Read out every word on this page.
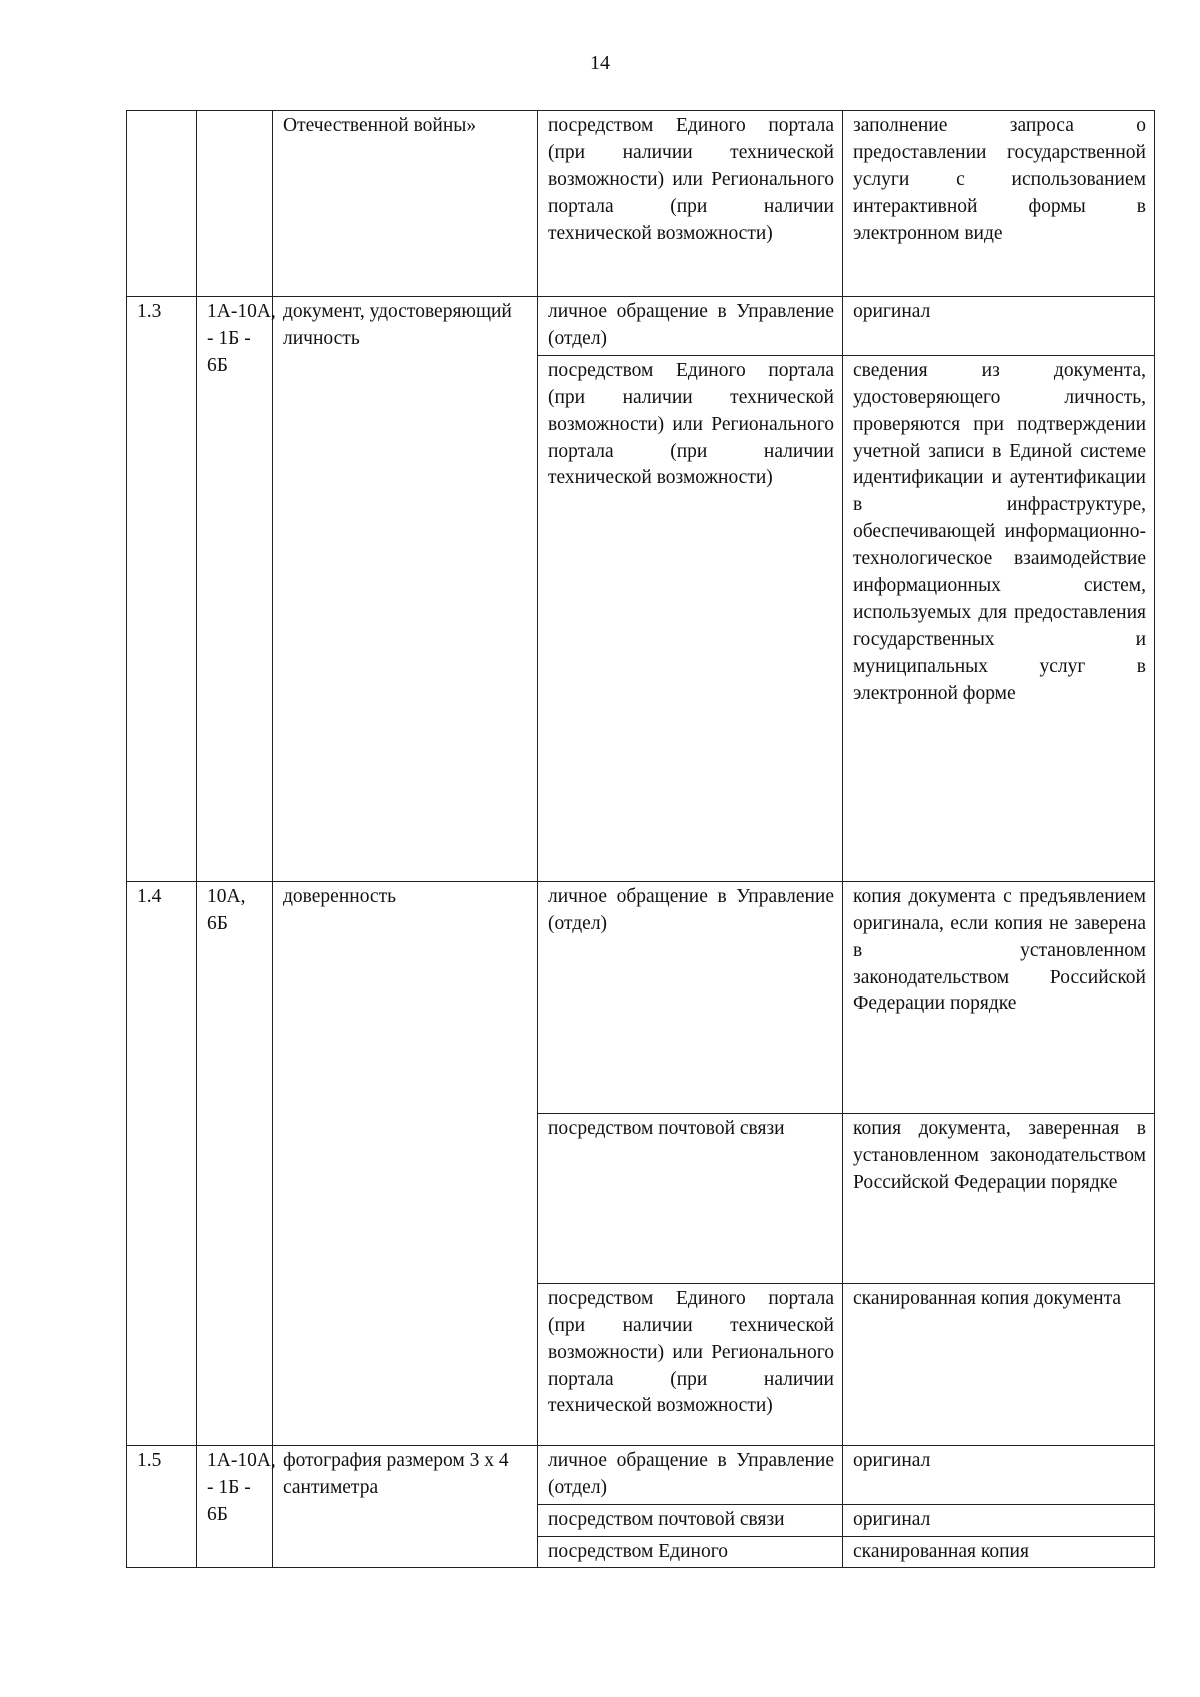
14
		Отечественной войны»	посредством Единого портала (при наличии технической возможности) или Регионального портала (при наличии технической возможности)	заполнение запроса о предоставлении государственной услуги с использованием интерактивной формы в электронном виде
1.3	1А-10А, - 1Б - 6Б	документ, удостоверяющий личность	личное обращение в Управление (отдел)	оригинал
			посредством Единого портала (при наличии технической возможности) или Регионального портала (при наличии технической возможности)	сведения из документа, удостоверяющего личность, проверяются при подтверждении учетной записи в Единой системе идентификации и аутентификации в инфраструктуре, обеспечивающей информационно-технологическое взаимодействие информационных систем, используемых для предоставления государственных и муниципальных услуг в электронной форме
1.4	10А, 6Б	доверенность	личное обращение в Управление (отдел)	копия документа с предъявлением оригинала, если копия не заверена в установленном законодательством Российской Федерации порядке
			посредством почтовой связи	копия документа, заверенная в установленном законодательством Российской Федерации порядке
			посредством Единого портала (при наличии технической возможности) или Регионального портала (при наличии технической возможности)	сканированная копия документа
1.5	1А-10А, - 1Б - 6Б	фотография размером 3 х 4 сантиметра	личное обращение в Управление (отдел)	оригинал
			посредством почтовой связи	оригинал
			посредством Единого	сканированная копия
